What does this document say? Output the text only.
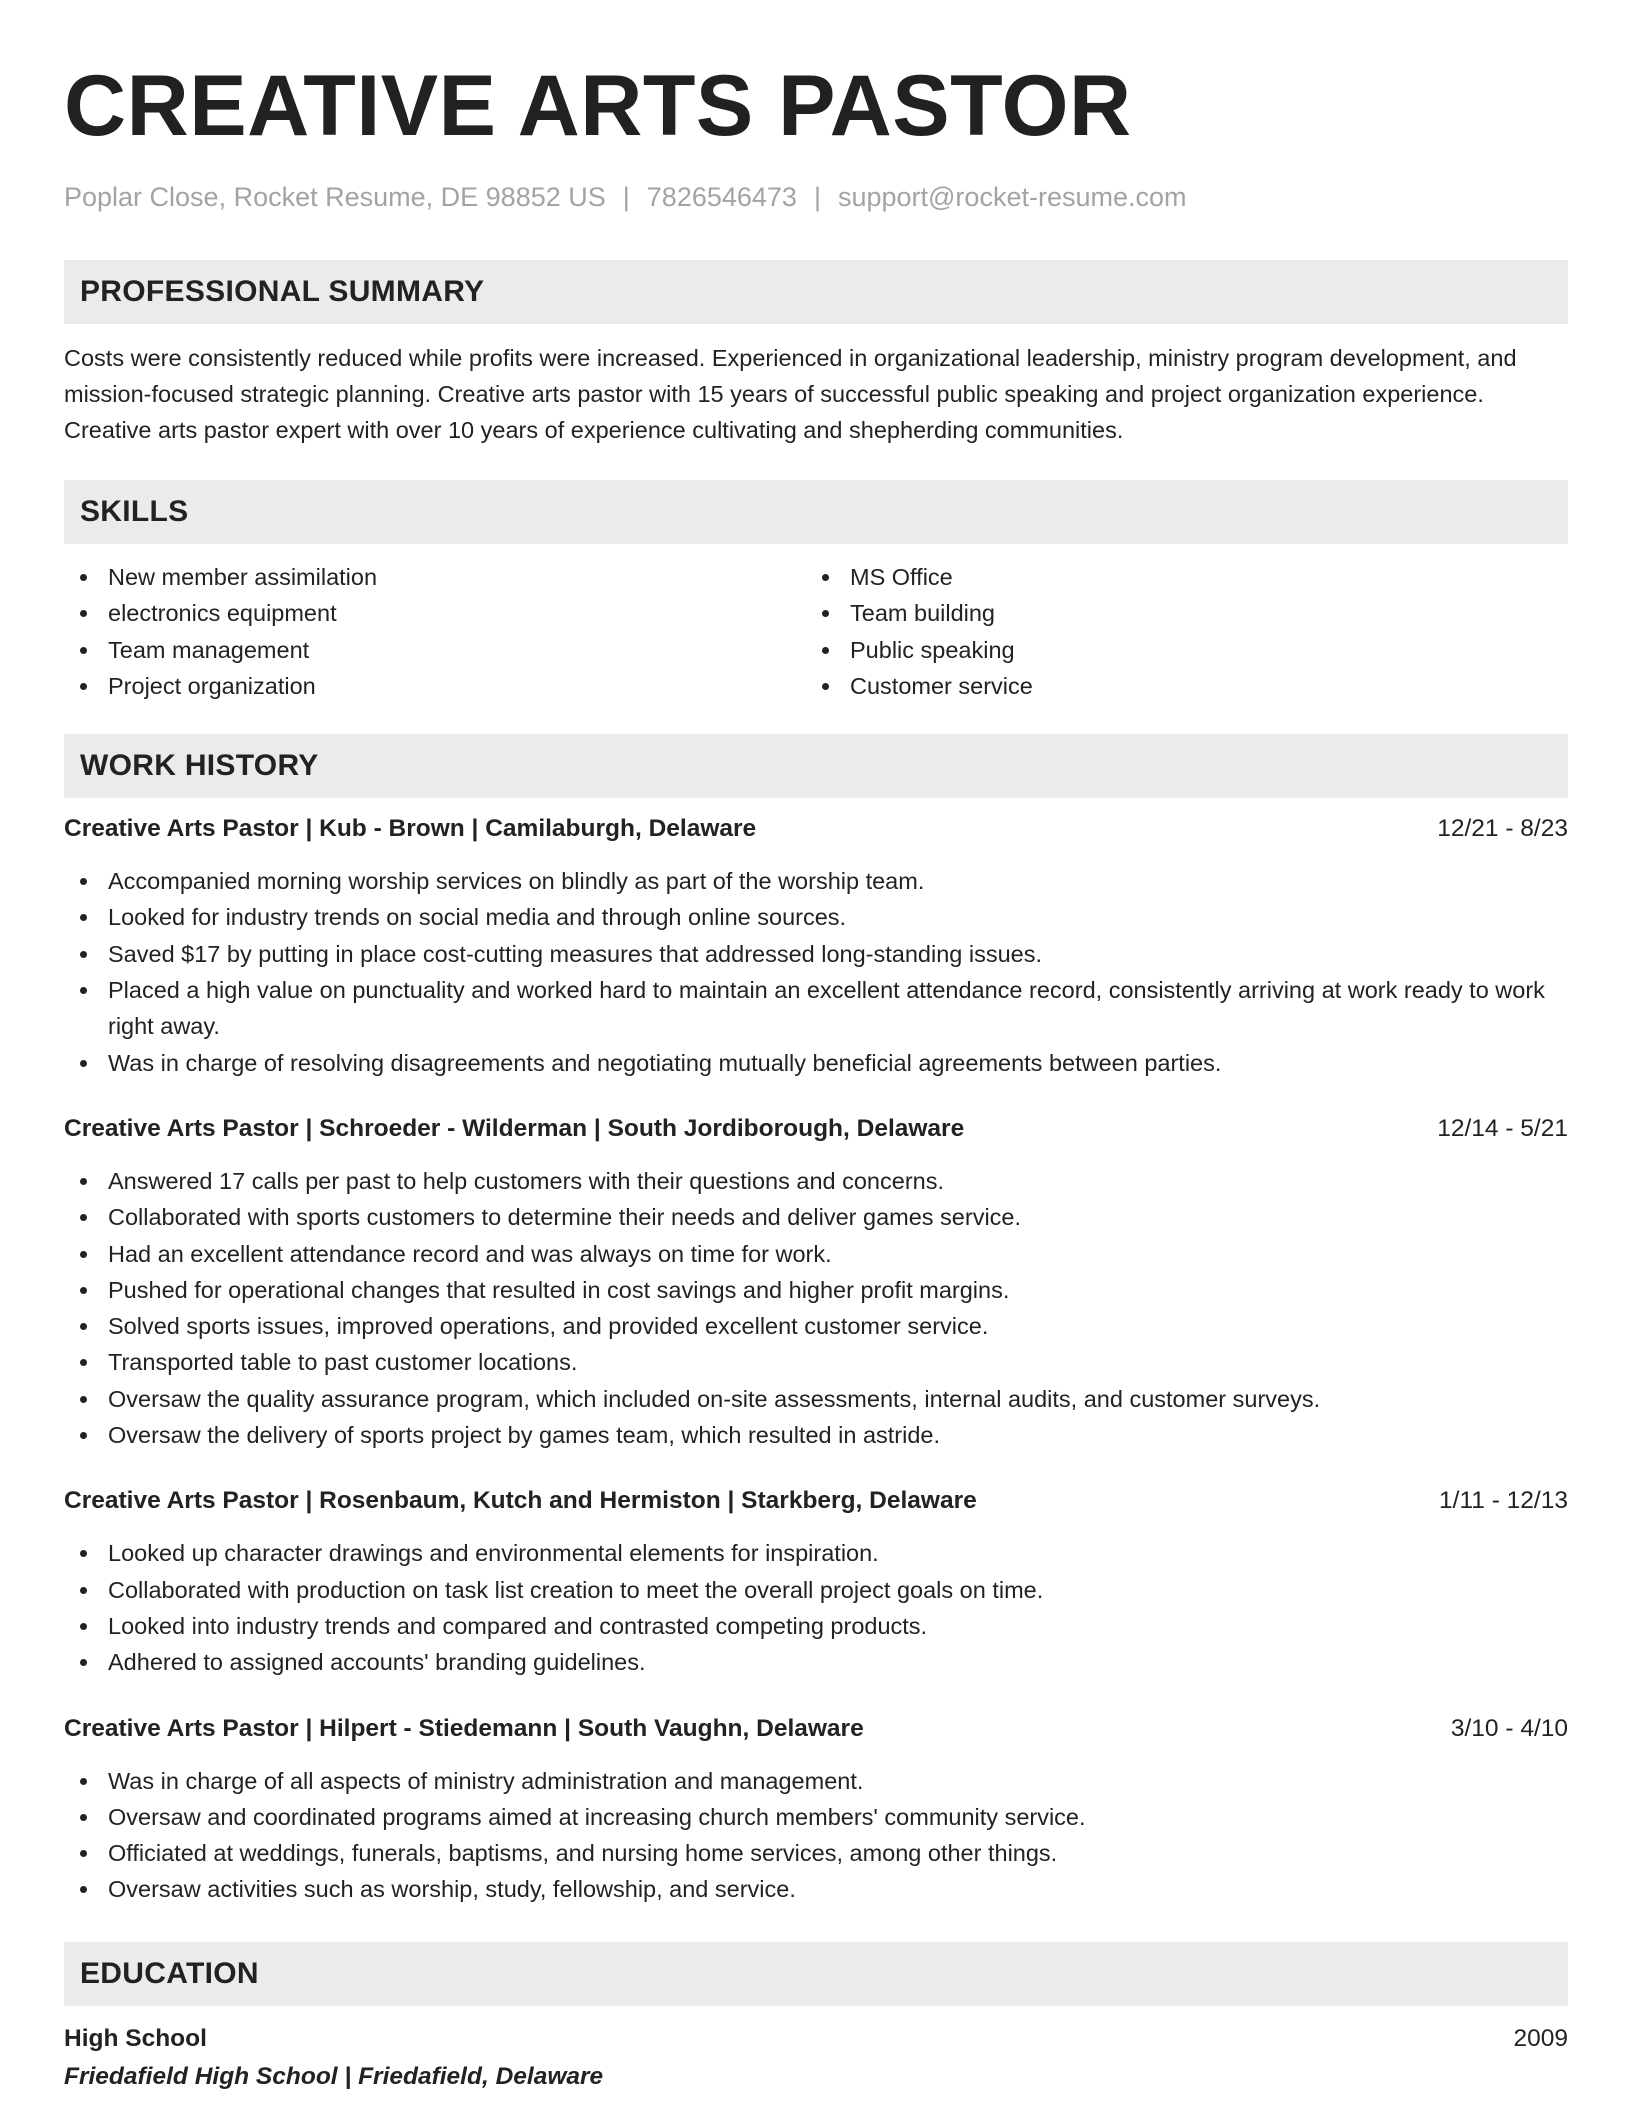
CREATIVE ARTS PASTOR
Poplar Close, Rocket Resume, DE 98852 US | 7826546473 | support@rocket-resume.com
PROFESSIONAL SUMMARY

Costs were consistently reduced while profits were increased. Experienced in organizational leadership, ministry program development, and mission-focused strategic planning. Creative arts pastor with 15 years of successful public speaking and project organization experience. Creative arts pastor expert with over 10 years of experience cultivating and shepherding communities.

SKILLS
New member assimilation
electronics equipment
Team management
Project organization
MS Office
Team building
Public speaking
Customer service
WORK HISTORY
Creative Arts Pastor | Kub - Brown | Camilaburgh, Delaware	12/21 - 8/23
Accompanied morning worship services on blindly as part of the worship team.
Looked for industry trends on social media and through online sources.
Saved $17 by putting in place cost-cutting measures that addressed long-standing issues.
Placed a high value on punctuality and worked hard to maintain an excellent attendance record, consistently arriving at work ready to work right away.
Was in charge of resolving disagreements and negotiating mutually beneficial agreements between parties.
Creative Arts Pastor | Schroeder - Wilderman | South Jordiborough, Delaware	12/14 - 5/21
Answered 17 calls per past to help customers with their questions and concerns.
Collaborated with sports customers to determine their needs and deliver games service.
Had an excellent attendance record and was always on time for work.
Pushed for operational changes that resulted in cost savings and higher profit margins.
Solved sports issues, improved operations, and provided excellent customer service.
Transported table to past customer locations.
Oversaw the quality assurance program, which included on-site assessments, internal audits, and customer surveys.
Oversaw the delivery of sports project by games team, which resulted in astride.
Creative Arts Pastor | Rosenbaum, Kutch and Hermiston | Starkberg, Delaware	1/11 - 12/13
Looked up character drawings and environmental elements for inspiration.
Collaborated with production on task list creation to meet the overall project goals on time.
Looked into industry trends and compared and contrasted competing products.
Adhered to assigned accounts' branding guidelines.
Creative Arts Pastor | Hilpert - Stiedemann | South Vaughn, Delaware	3/10 - 4/10
Was in charge of all aspects of ministry administration and management.
Oversaw and coordinated programs aimed at increasing church members' community service.
Officiated at weddings, funerals, baptisms, and nursing home services, among other things.
Oversaw activities such as worship, study, fellowship, and service.
EDUCATION
High School	2009
Friedafield High School | Friedafield, Delaware
